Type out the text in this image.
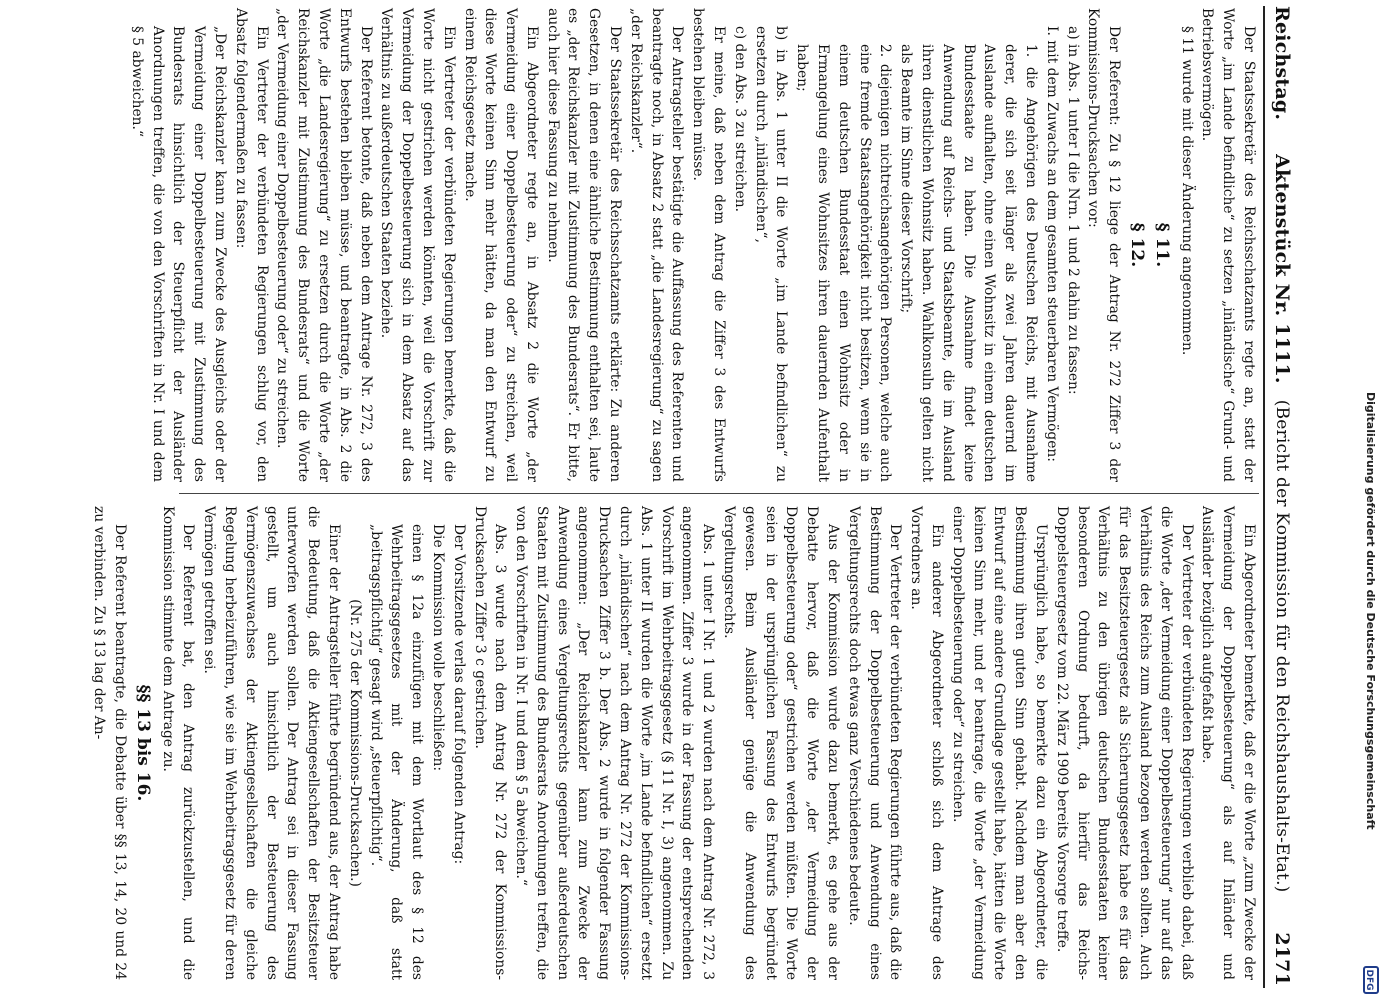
Digitalisierung gefördert durch die Deutsche Forschungsgemeinschaft
DFG
Reichstag.
Aktenstück Nr. 1111.
(Bericht der Kommission für den Reichshaushalts-Etat.)
2171

Der Staatssekretär des Reichsschatzamts regte an, statt der Worte „im Lande befindliche“ zu setzen „inländische“ Grund- und Betriebsvermögen.

§ 11 wurde mit dieser Änderung angenommen.

§ 11.
§ 12.

Der Referent: Zu § 12 liege der Antrag Nr. 272 Ziffer 3 der Kommissions-Drucksachen vor:

a) in Abs. 1 unter I die Nrn. 1 und 2 dahin zu fassen:

I. mit dem Zuwachs an dem gesamten steuerbaren Vermögen:

1. die Angehörigen des Deutschen Reichs, mit Ausnahme derer, die sich seit länger als zwei Jahren dauernd im Auslande aufhalten, ohne einen Wohnsitz in einem deutschen Bundesstaate zu haben. Die Ausnahme findet keine Anwendung auf Reichs- und Staatsbeamte, die im Ausland ihren dienstlichen Wohnsitz haben. Wahlkonsuln gelten nicht als Beamte im Sinne dieser Vorschrift;

2. diejenigen nichtreichsangehörigen Personen, welche auch eine fremde Staatsangehörigkeit nicht besitzen, wenn sie in einem deutschen Bundesstaat einen Wohnsitz oder in Ermangelung eines Wohnsitzes ihren dauernden Aufenthalt haben;

b) in Abs. 1 unter II die Worte „im Lande befindlichen“ zu ersetzen durch „inländischen“,

c) den Abs. 3 zu streichen.

Er meine, daß neben dem Antrag die Ziffer 3 des Entwurfs bestehen bleiben müsse.

Der Antragsteller bestätigte die Auffassung des Referenten und beantragte noch, in Absatz 2 statt „die Landesregierung“ zu sagen „der Reichskanzler“.

Der Staatssekretär des Reichsschatzamts erklärte: Zu anderen Gesetzen, in denen eine ähnliche Bestimmung enthalten sei, laute es „der Reichskanzler mit Zustimmung des Bundesrats“. Er bitte, auch hier diese Fassung zu nehmen.

Ein Abgeordneter regte an, in Absatz 2 die Worte „der Vermeidung einer Doppelbesteuerung oder“ zu streichen, weil diese Worte keinen Sinn mehr hätten, da man den Entwurf zu einem Reichsgesetz mache.

Ein Vertreter der verbündeten Regierungen bemerkte, daß die Worte nicht gestrichen werden könnten, weil die Vorschrift zur Vermeidung der Doppelbesteuerung sich in dem Absatz auf das Verhältnis zu außerdeutschen Staaten beziehe.

Der Referent betonte, daß neben dem Antrage Nr. 272, 3 des Entwurfs bestehen bleiben müsse, und beantragte, in Abs. 2 die Worte „die Landesregierung“ zu ersetzen durch die Worte „der Reichskanzler mit Zustimmung des Bundesrats“ und die Worte „der Vermeidung einer Doppelbesteuerung oder“ zu streichen.

Ein Vertreter der verbündeten Regierungen schlug vor, den Absatz folgendermaßen zu fassen:

„Der Reichskanzler kann zum Zwecke des Ausgleichs oder der Vermeidung einer Doppelbesteuerung mit Zustimmung des Bundesrats hinsichtlich der Steuerpflicht der Ausländer Anordnungen treffen, die von den Vorschriften in Nr. I und dem § 5 abweichen.“

Ein Abgeordneter bemerkte, daß er die Worte „zum Zwecke der Vermeidung der Doppelbesteuerung“ als auf Inländer und Ausländer bezüglich aufgefaßt habe.

Der Vertreter der verbündeten Regierungen verblieb dabei, daß die Worte „der Vermeidung einer Doppelbesteuerung“ nur auf das Verhältnis des Reichs zum Ausland bezogen werden sollten. Auch für das Besitzsteuergesetz als Sicherungsgesetz habe es für das Verhältnis zu den übrigen deutschen Bundesstaaten keiner besonderen Ordnung bedurft, da hierfür das Reichs-Doppelsteuergesetz vom 22. März 1909 bereits Vorsorge treffe.

Ursprünglich habe, so bemerkte dazu ein Abgeordneter, die Bestimmung ihren guten Sinn gehabt. Nachdem man aber den Entwurf auf eine andere Grundlage gestellt habe, hätten die Worte keinen Sinn mehr, und er beantrage, die Worte „der Vermeidung einer Doppelbesteuerung oder“ zu streichen.

Ein anderer Abgeordneter schloß sich dem Antrage des Vorredners an.

Der Vertreter der verbündeten Regierungen führte aus, daß die Bestimmung der Doppelbesteuerung und Anwendung eines Vergeltungsrechts doch etwas ganz Verschiedenes bedeute.

Aus der Kommission wurde dazu bemerkt, es gehe aus der Debatte hervor, daß die Worte „der Vermeidung der Doppelbesteuerung oder“ gestrichen werden müßten. Die Worte seien in der ursprünglichen Fassung des Entwurfs begründet gewesen. Beim Ausländer genüge die Anwendung des Vergeltungsrechts.

Abs. 1 unter I Nr. 1 und 2 wurden nach dem Antrag Nr. 272, 3 angenommen. Ziffer 3 wurde in der Fassung der entsprechenden Vorschrift im Wehrbeitragsgesetz (§ 11 Nr. I, 3) angenommen. Zu Abs. 1 unter II wurden die Worte „im Lande befindlichen“ ersetzt durch „inländischen“ nach dem Antrag Nr. 272 der Kommissions-Drucksachen Ziffer 3 b. Der Abs. 2 wurde in folgender Fassung angenommen: „Der Reichskanzler kann zum Zwecke der Anwendung eines Vergeltungsrechts gegenüber außerdeutschen Staaten mit Zustimmung des Bundesrats Anordnungen treffen, die von den Vorschriften in Nr. I und dem § 5 abweichen.“

Abs. 3 wurde nach dem Antrag Nr. 272 der Kommissions-Drucksachen Ziffer 3 c gestrichen.

Der Vorsitzende verlas darauf folgenden Antrag:

Die Kommission wolle beschließen:

einen § 12a einzufügen mit dem Wortlaut des § 12 des Wehrbeitragsgesetzes mit der Änderung, daß statt „beitragspflichtig“ gesagt wird „steuerpflichtig“.

(Nr. 275 der Kommissions-Drucksachen.)

Einer der Antragsteller führte begründend aus, der Antrag habe die Bedeutung, daß die Aktiengesellschaften der Besitzsteuer unterworfen werden sollen. Der Antrag sei in dieser Fassung gestellt, um auch hinsichtlich der Besteuerung des Vermögenszuwachses der Aktiengesellschaften die gleiche Regelung herbeizuführen, wie sie im Wehrbeitragsgesetz für deren Vermögen getroffen sei.

Der Referent bat, den Antrag zurückzustellen, und die Kommission stimmte dem Antrage zu.

§§ 13 bis 16.

Der Referent beantragte, die Debatte über §§ 13, 14, 20 und 24 zu verbinden. Zu § 13 lag der An-
